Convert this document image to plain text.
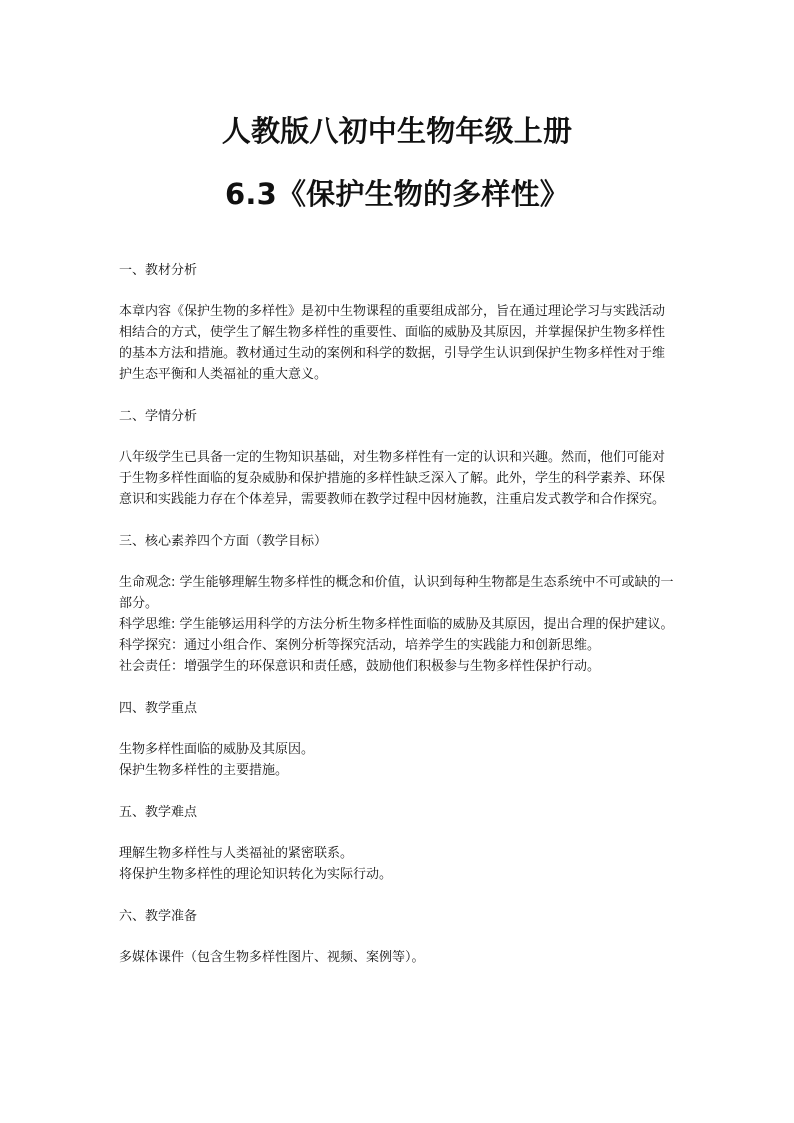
人教版八初中生物年级上册
6.3《保护生物的多样性》
一、教材分析
本章内容《保护生物的多样性》是初中生物课程的重要组成部分，旨在通过理论学习与实践活动相结合的方式，使学生了解生物多样性的重要性、面临的威胁及其原因，并掌握保护生物多样性的基本方法和措施。教材通过生动的案例和科学的数据，引导学生认识到保护生物多样性对于维护生态平衡和人类福祉的重大意义。
二、学情分析
八年级学生已具备一定的生物知识基础，对生物多样性有一定的认识和兴趣。然而，他们可能对于生物多样性面临的复杂威胁和保护措施的多样性缺乏深入了解。此外，学生的科学素养、环保意识和实践能力存在个体差异，需要教师在教学过程中因材施教，注重启发式教学和合作探究。
三、核心素养四个方面（教学目标）
生命观念: 学生能够理解生物多样性的概念和价值，认识到每种生物都是生态系统中不可或缺的一部分。
科学思维: 学生能够运用科学的方法分析生物多样性面临的威胁及其原因，提出合理的保护建议。
科学探究：通过小组合作、案例分析等探究活动，培养学生的实践能力和创新思维。
社会责任：增强学生的环保意识和责任感，鼓励他们积极参与生物多样性保护行动。
四、教学重点
生物多样性面临的威胁及其原因。
保护生物多样性的主要措施。
五、教学难点
理解生物多样性与人类福祉的紧密联系。
将保护生物多样性的理论知识转化为实际行动。
六、教学准备
多媒体课件（包含生物多样性图片、视频、案例等）。
